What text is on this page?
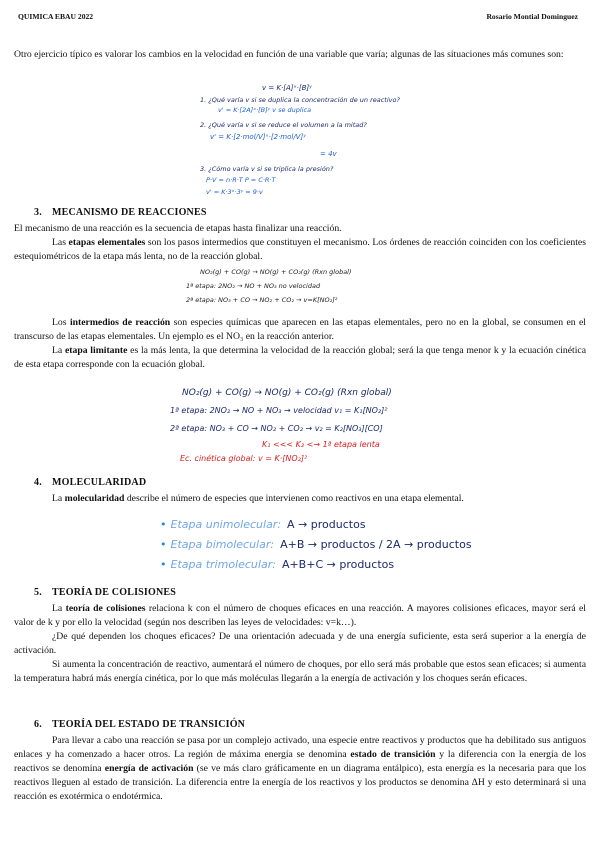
QUIMICA EBAU 2022	Rosario Montial Dominguez
Otro ejercicio típico es valorar los cambios en la velocidad en función de una variable que varía; algunas de las situaciones más comunes son:
v = K·[A]ˣ·[B]ʸ
1. ¿Qué varía v si se duplica la concentración de un reactivo?
v' = K·[2A]ˣ·[B]ʸ v se duplica
2. ¿Qué varía v si se reduce el volumen a la mitad?
v' = K·[2·mol/V]ˣ·[2·mol/V]ʸ
= 4v
3. ¿Cómo varía v si se triplica la presión?
P·V = n·R·T P = C·R·T
v' = K·3ˣ·3ʸ = 9·v
3. MECANISMO DE REACCIONES
El mecanismo de una reacción es la secuencia de etapas hasta finalizar una reacción.
Las etapas elementales son los pasos intermedios que constituyen el mecanismo. Los órdenes de reacción coinciden con los coeficientes estequiométricos de la etapa más lenta, no de la reacción global.
NO₂(g) + CO(g) → NO(g) + CO₂(g) (Rxn global)
1ª etapa: 2NO₂ → NO + NO₃ no velocidad
2ª etapa: NO₃ + CO → NO₂ + CO₂ → v=K[NO₂]²
Los intermedios de reacción son especies químicas que aparecen en las etapas elementales, pero no en la global, se consumen en el transcurso de las etapas elementales. Un ejemplo es el NO₃ en la reacción anterior.
La etapa limitante es la más lenta, la que determina la velocidad de la reacción global; será la que tenga menor k y la ecuación cinética de esta etapa corresponde con la ecuación global.
NO₂(g) + CO(g) → NO(g) + CO₂(g) (Rxn global)
1ª etapa: 2NO₂ → NO + NO₃ → velocidad v₁ = K₁[NO₂]²
2ª etapa: NO₃ + CO → NO₂ + CO₂ → v₂ = K₂[NO₃][CO]
K₁ <<< K₂ <→ 1ª etapa lenta
Ec. cinética global: v = K·[NO₂]²
4. MOLECULARIDAD
La molecularidad describe el número de especies que intervienen como reactivos en una etapa elemental.
• Etapa unimolecular: A → productos
• Etapa bimolecular: A+B → productos / 2A → productos
• Etapa trimolecular: A+B+C → productos
5. TEORÍA DE COLISIONES
La teoría de colisiones relaciona k con el número de choques eficaces en una reacción. A mayores colisiones eficaces, mayor será el valor de k y por ello la velocidad (según nos describen las leyes de velocidades: v=k…).
¿De qué dependen los choques eficaces? De una orientación adecuada y de una energía suficiente, esta será superior a la energía de activación.
Si aumenta la concentración de reactivo, aumentará el número de choques, por ello será más probable que estos sean eficaces; si aumenta la temperatura habrá más energía cinética, por lo que más moléculas llegarán a la energía de activación y los choques serán eficaces.
6. TEORÍA DEL ESTADO DE TRANSICIÓN
Para llevar a cabo una reacción se pasa por un complejo activado, una especie entre reactivos y productos que ha debilitado sus antiguos enlaces y ha comenzado a hacer otros. La región de máxima energía se denomina estado de transición y la diferencia con la energía de los reactivos se denomina energía de activación (se ve más claro gráficamente en un diagrama entálpico), esta energía es la necesaria para que los reactivos lleguen al estado de transición. La diferencia entre la energía de los reactivos y los productos se denomina ΔH y esto determinará si una reacción es exotérmica o endotérmica.
